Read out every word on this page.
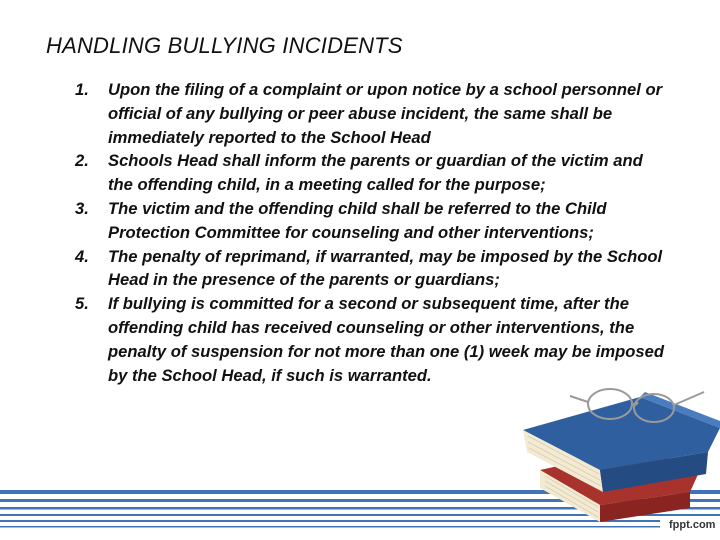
HANDLING BULLYING INCIDENTS
1. Upon the filing of a complaint or upon notice by a school personnel or official of any bullying or peer abuse incident, the same shall be immediately reported to the School Head
2. Schools Head shall inform the parents or guardian of the victim and the offending child, in a meeting called for the purpose;
3. The victim and the offending child shall be referred to the Child Protection Committee for counseling and other interventions;
4. The penalty of reprimand, if warranted, may be imposed by the School Head in the presence of the parents or guardians;
5. If bullying is committed for a second or subsequent time, after the offending child has received counseling or other interventions, the penalty of suspension for not more than one (1) week may be imposed by the School Head, if such is warranted.
fppt.com
